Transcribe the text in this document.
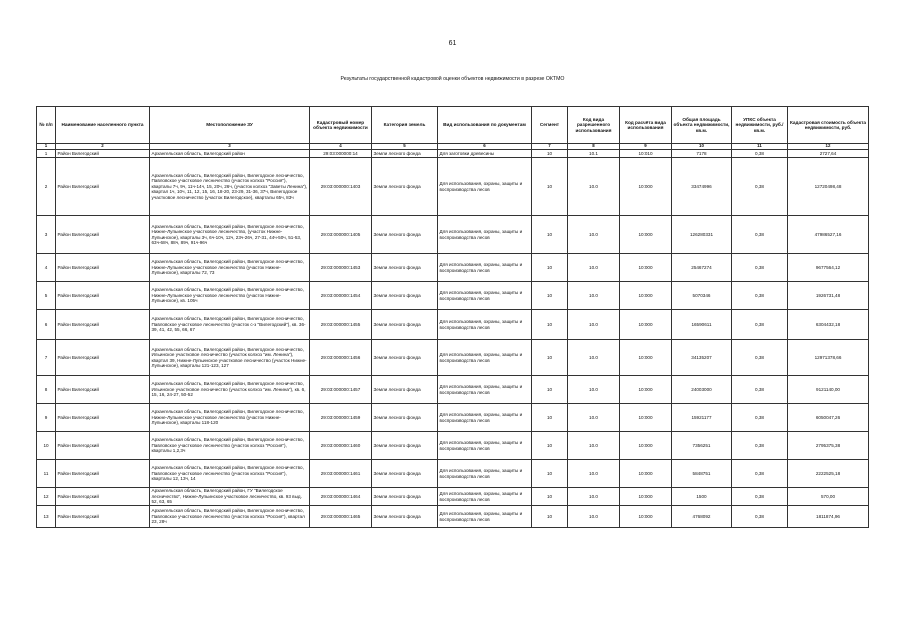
61
Результаты государственной кадастровой оценки объектов недвижимости в разрезе ОКТМО
№ п/п	Наименование населенного пункта	Местоположение ЗУ	Кадастровый номер объекта недвижимости	Категория земель	Вид использования по документам	Сегмент	Код вида разрешенного использования	Код расчёта вида использования	Общая площадь объекта недвижимости, кв.м.	УПКС объекта недвижимости, руб./кв.м.	Кадастровая стоимость объекта недвижимости, руб.
1	2	3	4	5	6	7	8	9	10	11	12
1	Район Вилегодский	Архангельская область, Вилегодский район	29:03:000000:14	Земли лесного фонда	Для заготовки древесины	10	10.1	10:010	7178	0,38	2727,64
2	Район Вилегодский	Архангельская область, Вилегодский район, Вилегодское лесничество, Павловское участковое лесничество (участок колхоз "Россия"), кварталы 7ч, 9ч, 11ч-14ч, 15, 20ч, 26ч, (участок колхоз "Заветы Ленина"), квартал 1ч, 10ч, 11, 12, 15, 16, 18-20, 23-29, 31-36, 37ч, Вилегодское участковое лесничество (участок Вилегодское), кварталы 65ч, 83ч	29:03:000000:1403	Земли лесного фонда	Для использования, охраны, защиты и воспроизводства лесов	10	10.0	10:000	33474996	0,38	12720498,48
3	Район Вилегодский	Архангельская область, Вилегодский район, Вилегодское лесничество, Нижне-Лупьинское участковое лесничество, (участок Нижне-Лупьинское), кварталы 3ч, 6ч-10ч, 12ч, 23ч-26ч, 27-31, 44ч-50ч, 51-53, 63ч-68ч, 88ч, 89ч, 91ч-96ч	29:03:000000:1405	Земли лесного фонда	Для использования, охраны, защиты и воспроизводства лесов	10	10.0	10:000	126280331	0,38	47986527,16
4	Район Вилегодский	Архангельская область, Вилегодский район, Вилегодское лесничество, Нижне-Лупьинское участковое лесничество (участок Нижне-Лупьинское), кварталы 72, 73	29:03:000000:1453	Земли лесного фонда	Для использования, охраны, защиты и воспроизводства лесов	10	10.0	10:000	25467274	0,38	9677564,12
5	Район Вилегодский	Архангельская область, Вилегодский район, Вилегодское лесничество, Нижне-Лупьинское участковое лесничество (участок Нижне-Лупьинское), кв. 105ч	29:03:000000:1454	Земли лесного фонда	Для использования, охраны, защиты и воспроизводства лесов	10	10.0	10:000	5070346	0,38	1926731,48
6	Район Вилегодский	Архангельская область, Вилегодский район, Вилегодское лесничество, Павловское участковое лесничество (участок с-з "Вилегодский"), кв. 36-39, 41, 42, 55, 66, 67	29:03:000000:1455	Земли лесного фонда	Для использования, охраны, защиты и воспроизводства лесов	10	10.0	10:000	16590611	0,38	6304432,18
7	Район Вилегодский	Архангельская область, Вилегодский район, Вилегодское лесничество, Ильинское участковое лесничество (участок колхоз "им. Ленина"), квартал 39, Нижне-Лупьинское участковое лесничество (участок Нижне-Лупьинское), кварталы 121-123, 127	29:03:000000:1456	Земли лесного фонда	Для использования, охраны, защиты и воспроизводства лесов	10	10.0	10:000	34135207	0,38	12971378,66
8	Район Вилегодский	Архангельская область, Вилегодский район, Вилегодское лесничество, Ильинское участковое лесничество (участок колхоз "им. Ленина"), кв. 6, 15, 16, 24-27, 50-52	29:03:000000:1457	Земли лесного фонда	Для использования, охраны, защиты и воспроизводства лесов	10	10.0	10:000	24003000	0,38	9121140,00
9	Район Вилегодский	Архангельская область, Вилегодский район, Вилегодское лесничество, Нижне-Лупьинское участковое лесничество (участок Нижне-Лупьинское), кварталы 118-120	29:03:000000:1459	Земли лесного фонда	Для использования, охраны, защиты и воспроизводства лесов	10	10.0	10:000	15921177	0,38	6050047,26
10	Район Вилегодский	Архангельская область, Вилегодский район, Вилегодское лесничество, Павловское участковое лесничество (участок колхоз "Россия"), кварталы 1,2,3ч	29:03:000000:1460	Земли лесного фонда	Для использования, охраны, защиты и воспроизводства лесов	10	10.0	10:000	7356251	0,38	2795375,38
11	Район Вилегодский	Архангельская область, Вилегодский район, Вилегодское лесничество, Павловское участковое лесничество (участок колхоз "Россия"), кварталы 12, 13ч, 14	29:03:000000:1461	Земли лесного фонда	Для использования, охраны, защиты и воспроизводства лесов	10	10.0	10:000	5848751	0,38	2222525,18
12	Район Вилегодский	Архангельская область, Вилегодский район, ГУ "Вилегодское лесничество", Нижне-Лупьинское участковое лесничество, кв. 93 выд. 52, 63, 65	29:03:000000:1464	Земли лесного фонда	Для использования, охраны, защиты и воспроизводства лесов	10	10.0	10:000	1500	0,38	570,00
13	Район Вилегодский	Архангельская область, Вилегодский район, Вилегодское лесничество, Павловское участковое лесничество (участок колхоз "Россия"), квартал 23, 28ч	29:03:000000:1465	Земли лесного фонда	Для использования, охраны, защиты и воспроизводства лесов	10	10.0	10:000	4768092	0,38	1811874,96
